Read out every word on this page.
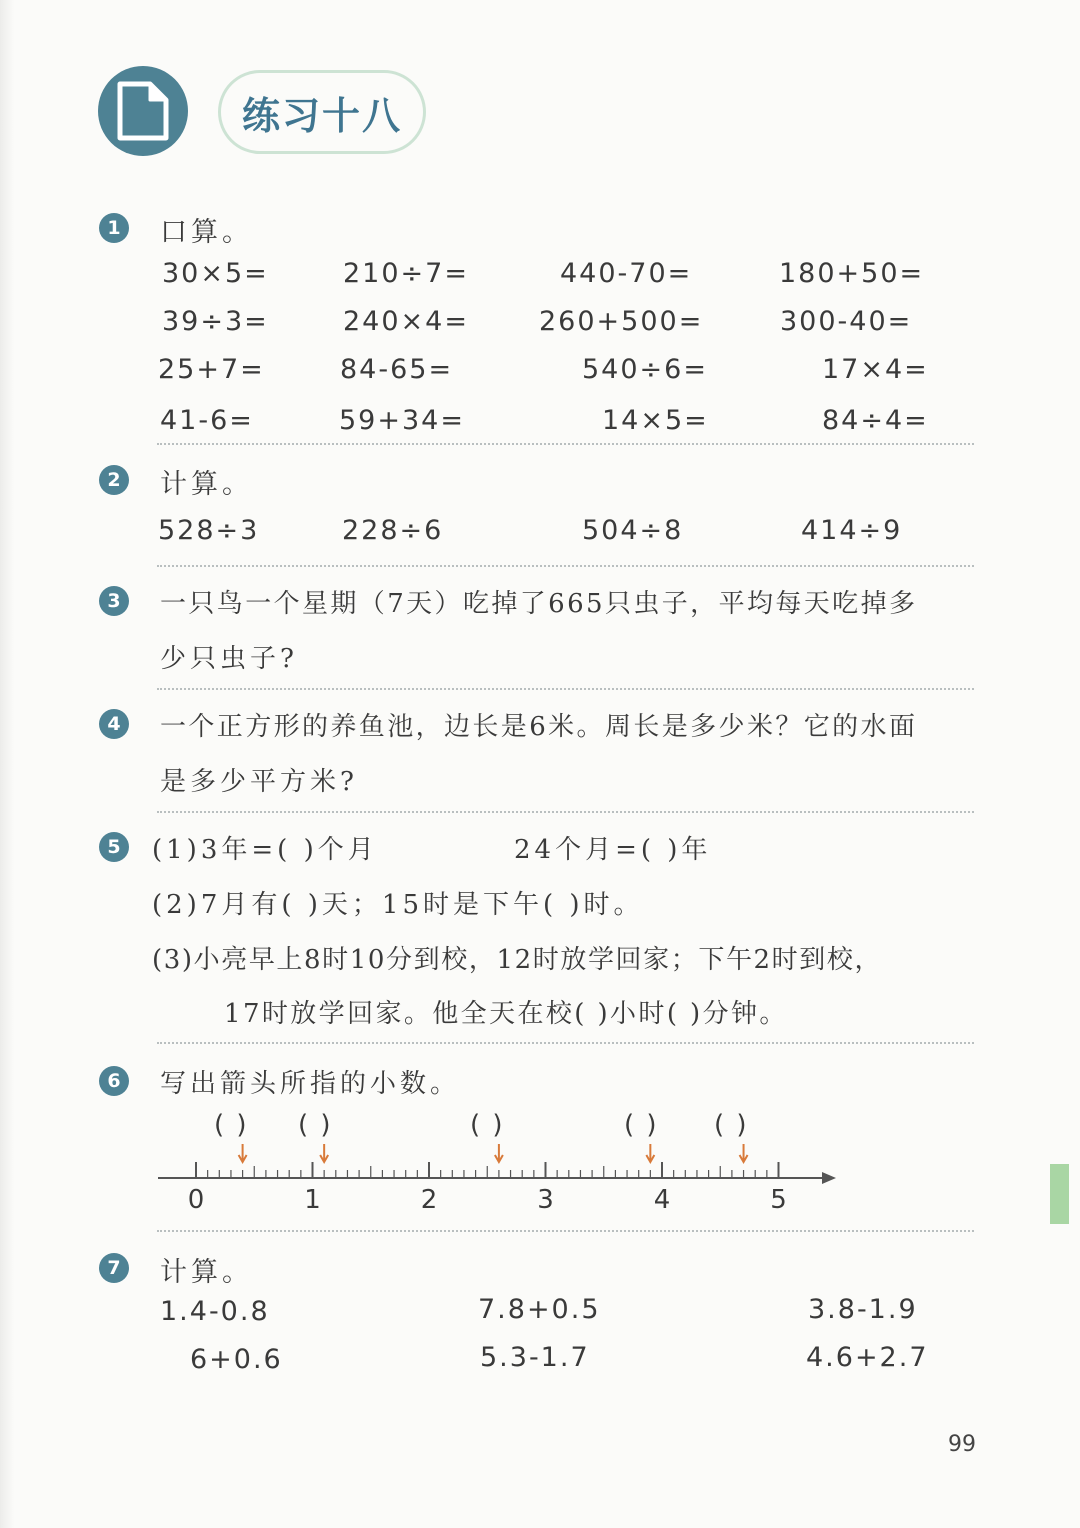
练习十八
1	口算。
30×5=	210÷7=	440-70=	180+50=
39÷3=	240×4=	260+500=	300-40=
25+7=	84-65=	540÷6=	17×4=
41-6=	59+34=	14×5=	84÷4=
2	计算。
528÷3	228÷6	504÷8	414÷9
3	一只鸟一个星期（7天）吃掉了665只虫子，平均每天吃掉多
少只虫子?
4	一个正方形的养鱼池，边长是6米。周长是多少米？它的水面
是多少平方米?
5	(1)3年=( )个月	24个月=( )年
(2)7月有( )天；15时是下午( )时。
(3)小亮早上8时10分到校，12时放学回家；下午2时到校，
17时放学回家。他全天在校( )小时( )分钟。
6	写出箭头所指的小数。
( ) ( )	( )	( ) ( )
0	1	2	3	4	5
7	计算。
1.4-0.8	7.8+0.5	3.8-1.9
6+0.6	5.3-1.7	4.6+2.7
99
